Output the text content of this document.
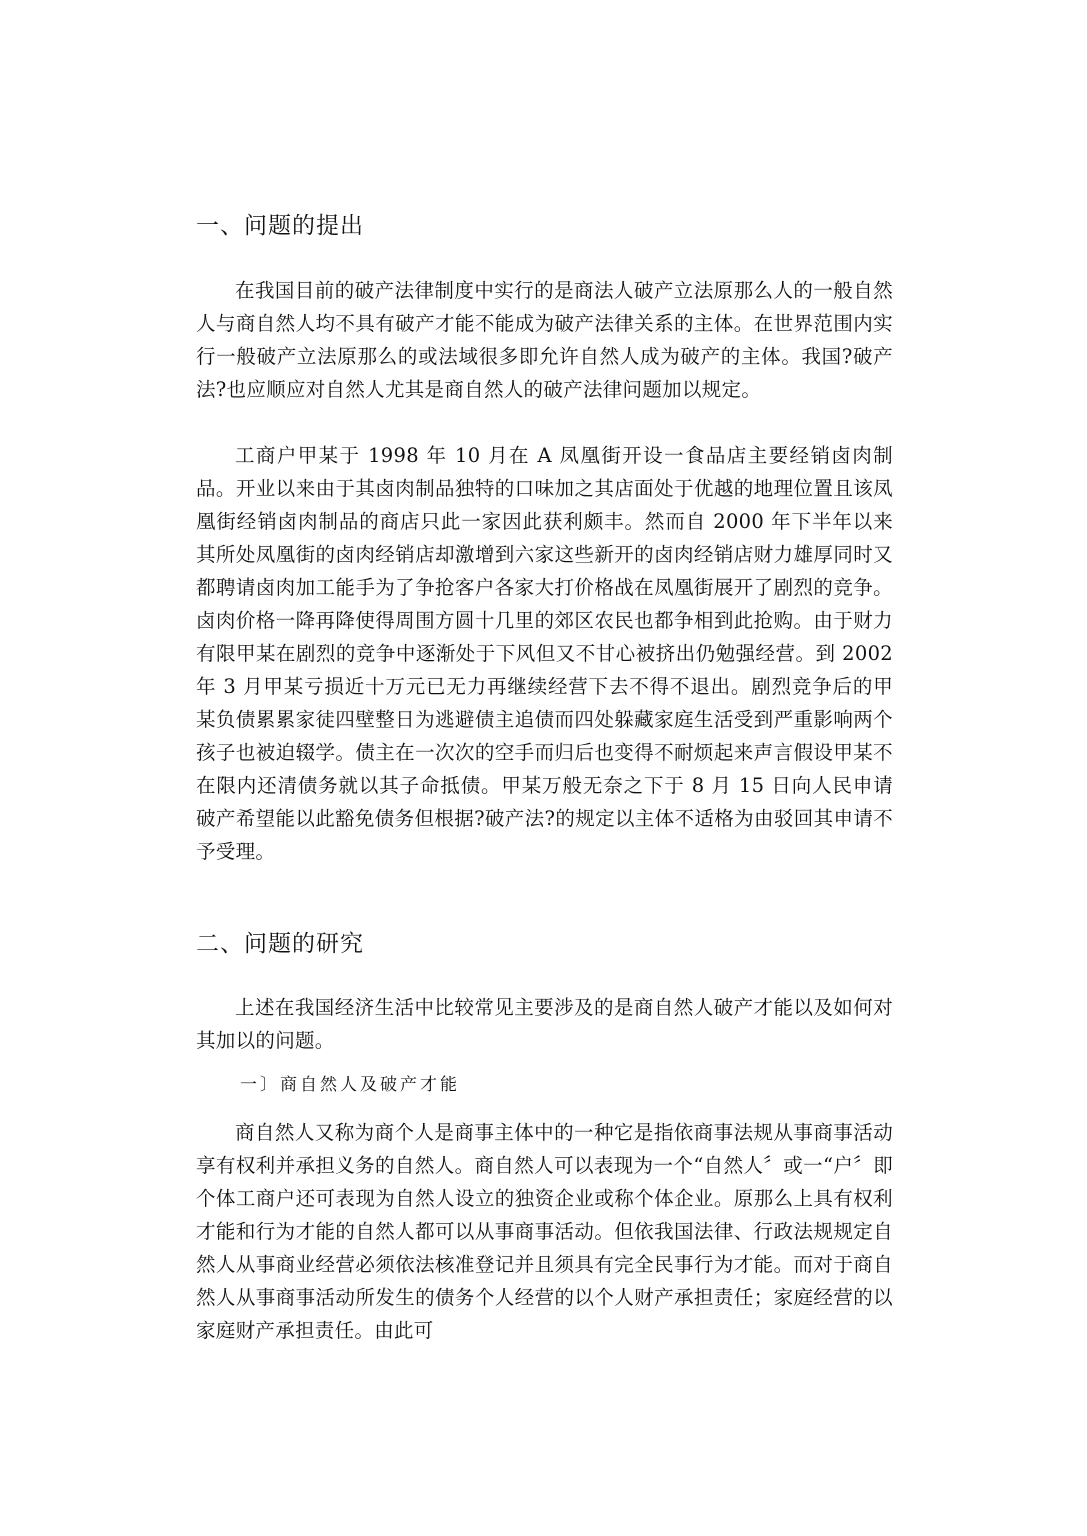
一、问题的提出
在我国目前的破产法律制度中实行的是商法人破产立法原那么人的一般自然人与商自然人均不具有破产才能不能成为破产法律关系的主体。在世界范围内实行一般破产立法原那么的或法域很多即允许自然人成为破产的主体。我国?破产法?也应顺应对自然人尤其是商自然人的破产法律问题加以规定。
工商户甲某于 1998 年 10 月在 A 凤凰街开设一食品店主要经销卤肉制品。开业以来由于其卤肉制品独特的口味加之其店面处于优越的地理位置且该凤凰街经销卤肉制品的商店只此一家因此获利颇丰。然而自 2000 年下半年以来其所处凤凰街的卤肉经销店却激增到六家这些新开的卤肉经销店财力雄厚同时又都聘请卤肉加工能手为了争抢客户各家大打价格战在凤凰街展开了剧烈的竞争。卤肉价格一降再降使得周围方圆十几里的郊区农民也都争相到此抢购。由于财力有限甲某在剧烈的竞争中逐渐处于下风但又不甘心被挤出仍勉强经营。到 2002 年 3 月甲某亏损近十万元已无力再继续经营下去不得不退出。剧烈竞争后的甲某负债累累家徒四壁整日为逃避债主追债而四处躲藏家庭生活受到严重影响两个孩子也被迫辍学。债主在一次次的空手而归后也变得不耐烦起来声言假设甲某不在限内还清债务就以其子命抵债。甲某万般无奈之下于 8 月 15 日向人民申请破产希望能以此豁免债务但根据?破产法?的规定以主体不适格为由驳回其申请不予受理。
二、问题的研究
上述在我国经济生活中比较常见主要涉及的是商自然人破产才能以及如何对其加以的问题。
一〕商自然人及破产才能
商自然人又称为商个人是商事主体中的一种它是指依商事法规从事商事活动享有权利并承担义务的自然人。商自然人可以表现为一个“自然人〞或一“户〞即个体工商户还可表现为自然人设立的独资企业或称个体企业。原那么上具有权利才能和行为才能的自然人都可以从事商事活动。但依我国法律、行政法规规定自然人从事商业经营必须依法核准登记并且须具有完全民事行为才能。而对于商自然人从事商事活动所发生的债务个人经营的以个人财产承担责任；家庭经营的以家庭财产承担责任。由此可
